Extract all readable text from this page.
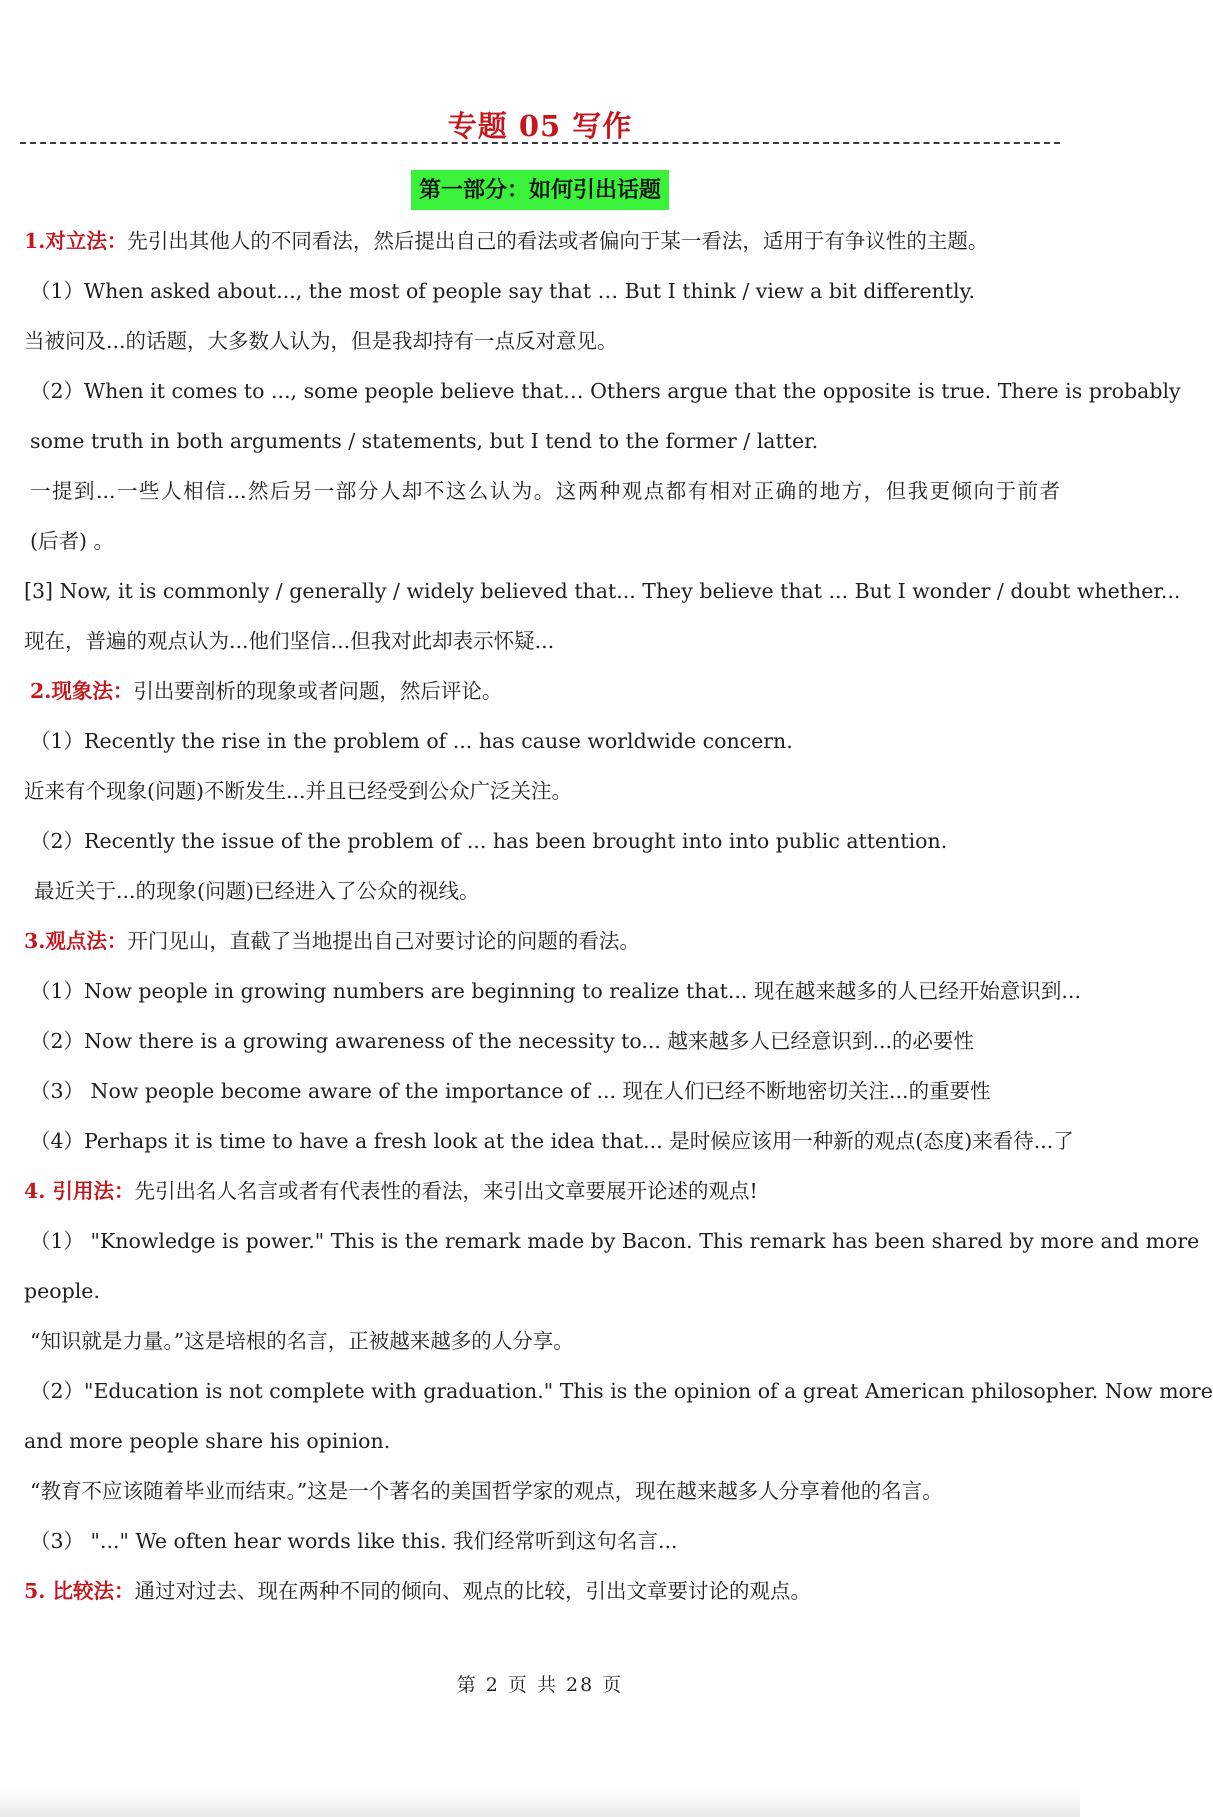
专题 05 写作
第一部分：如何引出话题
1.对立法：先引出其他人的不同看法，然后提出自己的看法或者偏向于某一看法，适用于有争议性的主题。
（1）When asked about..., the most of people say that … But I think / view a bit differently.
当被问及...的话题，大多数人认为，但是我却持有一点反对意见。
（2）When it comes to ..., some people believe that… Others argue that the opposite is true. There is probably
some truth in both arguments / statements, but I tend to the former / latter.
一提到...一些人相信...然后另一部分人却不这么认为。这两种观点都有相对正确的地方，但我更倾向于前者
(后者) 。
[3] Now, it is commonly / generally / widely believed that... They believe that ... But I wonder / doubt whether...
现在，普遍的观点认为...他们坚信...但我对此却表示怀疑...
2.现象法：引出要剖析的现象或者问题，然后评论。
（1）Recently the rise in the problem of ... has cause worldwide concern.
近来有个现象(问题)不断发生...并且已经受到公众广泛关注。
（2）Recently the issue of the problem of ... has been brought into into public attention.
最近关于...的现象(问题)已经进入了公众的视线。
3.观点法：开门见山，直截了当地提出自己对要讨论的问题的看法。
（1）Now people in growing numbers are beginning to realize that... 现在越来越多的人已经开始意识到...
（2）Now there is a growing awareness of the necessity to... 越来越多人已经意识到...的必要性
（3） Now people become aware of the importance of ... 现在人们已经不断地密切关注...的重要性
（4）Perhaps it is time to have a fresh look at the idea that... 是时候应该用一种新的观点(态度)来看待...了
4. 引用法：先引出名人名言或者有代表性的看法，来引出文章要展开论述的观点!
（1） "Knowledge is power." This is the remark made by Bacon. This remark has been shared by more and more
people.
“知识就是力量。”这是培根的名言，正被越来越多的人分享。
（2）"Education is not complete with graduation." This is the opinion of a great American philosopher. Now more
and more people share his opinion.
“教育不应该随着毕业而结束。”这是一个著名的美国哲学家的观点，现在越来越多人分享着他的名言。
（3） "..." We often hear words like this. 我们经常听到这句名言...
5. 比较法：通过对过去、现在两种不同的倾向、观点的比较，引出文章要讨论的观点。
第 2 页 共 28 页
